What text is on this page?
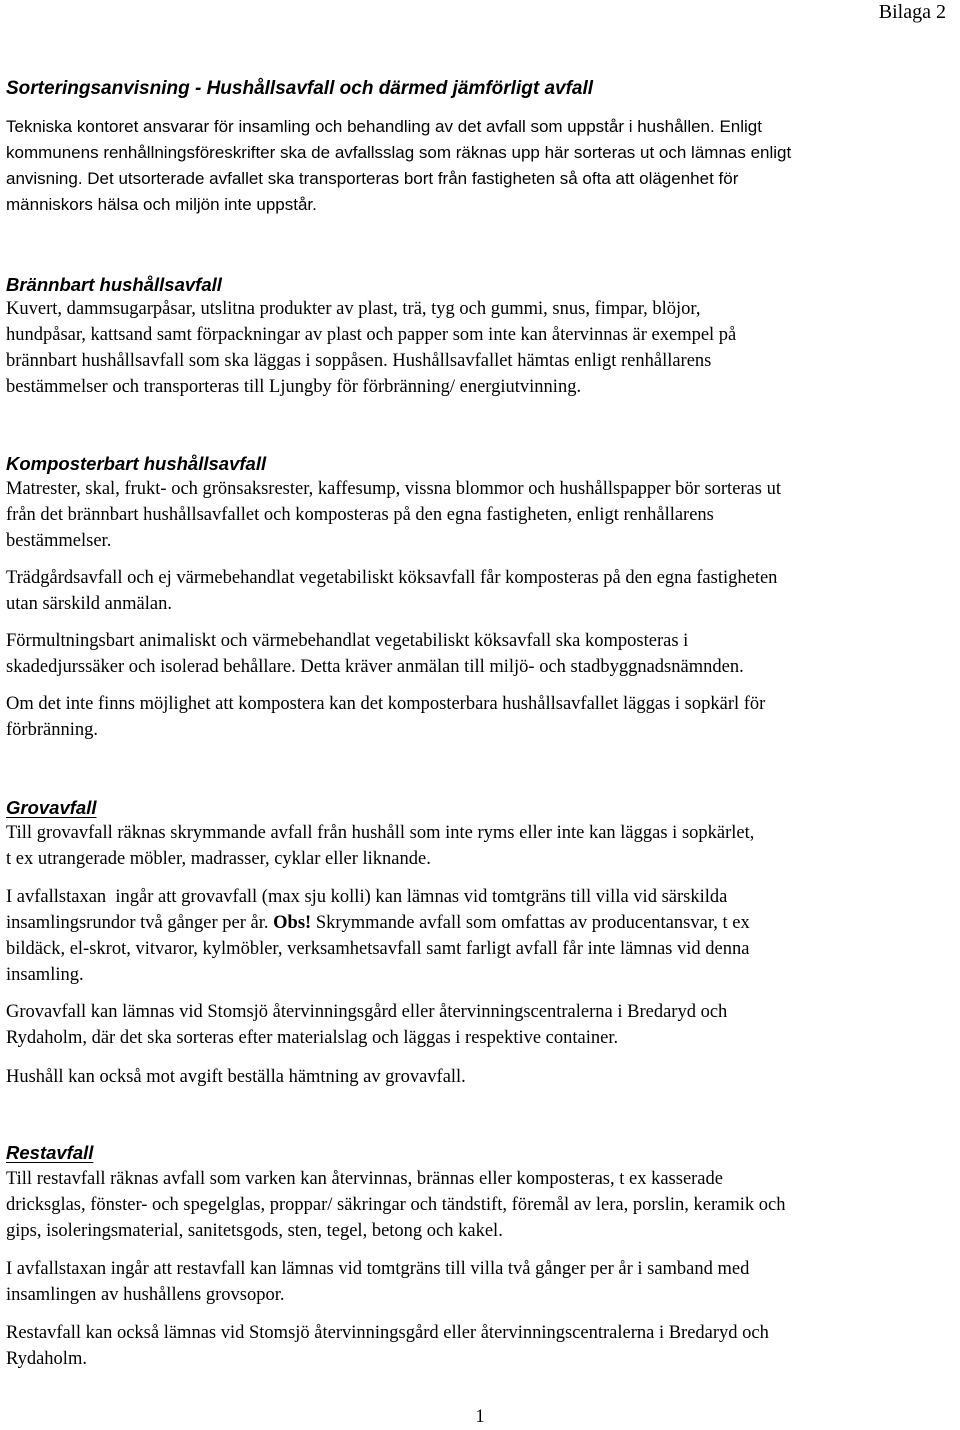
Bilaga 2
Sorteringsanvisning - Hushållsavfall och därmed jämförligt avfall

Tekniska kontoret ansvarar för insamling och behandling av det avfall som uppstår i hushållen. Enligt
kommunens renhållningsföreskrifter ska de avfallsslag som räknas upp här sorteras ut och lämnas enligt
anvisning. Det utsorterade avfallet ska transporteras bort från fastigheten så ofta att olägenhet för
människors hälsa och miljön inte uppstår.

Brännbart hushållsavfall

Kuvert, dammsugarpåsar, utslitna produkter av plast, trä, tyg och gummi, snus, fimpar, blöjor,
hundpåsar, kattsand samt förpackningar av plast och papper som inte kan återvinnas är exempel på
brännbart hushållsavfall som ska läggas i soppåsen. Hushållsavfallet hämtas enligt renhållarens
bestämmelser och transporteras till Ljungby för förbränning/ energiutvinning.

Komposterbart hushållsavfall

Matrester, skal, frukt- och grönsaksrester, kaffesump, vissna blommor och hushållspapper bör sorteras ut
från det brännbart hushållsavfallet och komposteras på den egna fastigheten, enligt renhållarens
bestämmelser.

Trädgårdsavfall och ej värmebehandlat vegetabiliskt köksavfall får komposteras på den egna fastigheten
utan särskild anmälan.

Förmultningsbart animaliskt och värmebehandlat vegetabiliskt köksavfall ska komposteras i
skadedjurssäker och isolerad behållare. Detta kräver anmälan till miljö- och stadbyggnadsnämnden.

Om det inte finns möjlighet att kompostera kan det komposterbara hushållsavfallet läggas i sopkärl för
förbränning.

Grovavfall

Till grovavfall räknas skrymmande avfall från hushåll som inte ryms eller inte kan läggas i sopkärlet,
t ex utrangerade möbler, madrasser, cyklar eller liknande.

I avfallstaxan  ingår att grovavfall (max sju kolli) kan lämnas vid tomtgräns till villa vid särskilda
insamlingsrundor två gånger per år. Obs! Skrymmande avfall som omfattas av producentansvar, t ex
bildäck, el-skrot, vitvaror, kylmöbler, verksamhetsavfall samt farligt avfall får inte lämnas vid denna
insamling.

Grovavfall kan lämnas vid Stomsjö återvinningsgård eller återvinningscentralerna i Bredaryd och
Rydaholm, där det ska sorteras efter materialslag och läggas i respektive container.

Hushåll kan också mot avgift beställa hämtning av grovavfall.

Restavfall

Till restavfall räknas avfall som varken kan återvinnas, brännas eller komposteras, t ex kasserade
dricksglas, fönster- och spegelglas, proppar/ säkringar och tändstift, föremål av lera, porslin, keramik och
gips, isoleringsmaterial, sanitetsgods, sten, tegel, betong och kakel.

I avfallstaxan ingår att restavfall kan lämnas vid tomtgräns till villa två gånger per år i samband med
insamlingen av hushållens grovsopor.

Restavfall kan också lämnas vid Stomsjö återvinningsgård eller återvinningscentralerna i Bredaryd och
Rydaholm.

1
